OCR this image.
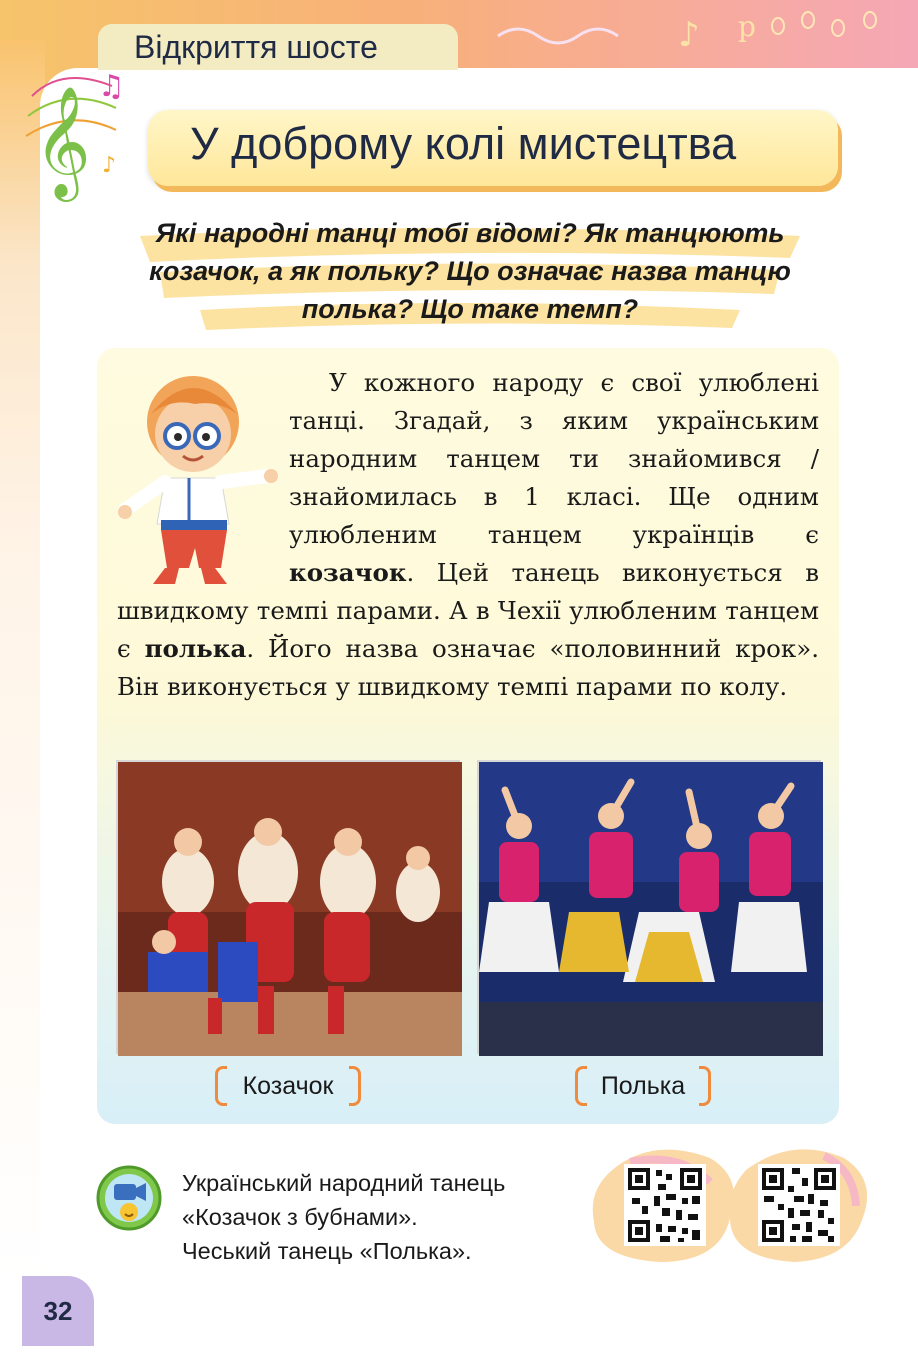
♪ p
Відкриття шосте
𝄞 ♫
♪ У доброму колі мистецтва
Які народні танці тобі відомі? Як танцюють козачок, а як польку? Що означає назва танцю полька? Що таке темп?
У кожного народу є свої улюблені танці. Згадай, з яким українським народним танцем ти знайомився / знайомилась в 1 класі. Ще одним улюбленим танцем українців є козачок. Цей танець виконується в швидкому темпі парами. А в Чехії улюбленим танцем є полька. Його назва означає «половинний крок». Він виконується у швидкому темпі парами по колу.
Козачок	Полька
Український народний танець
«Козачок з бубнами».
Чеський танець «Полька».
32
